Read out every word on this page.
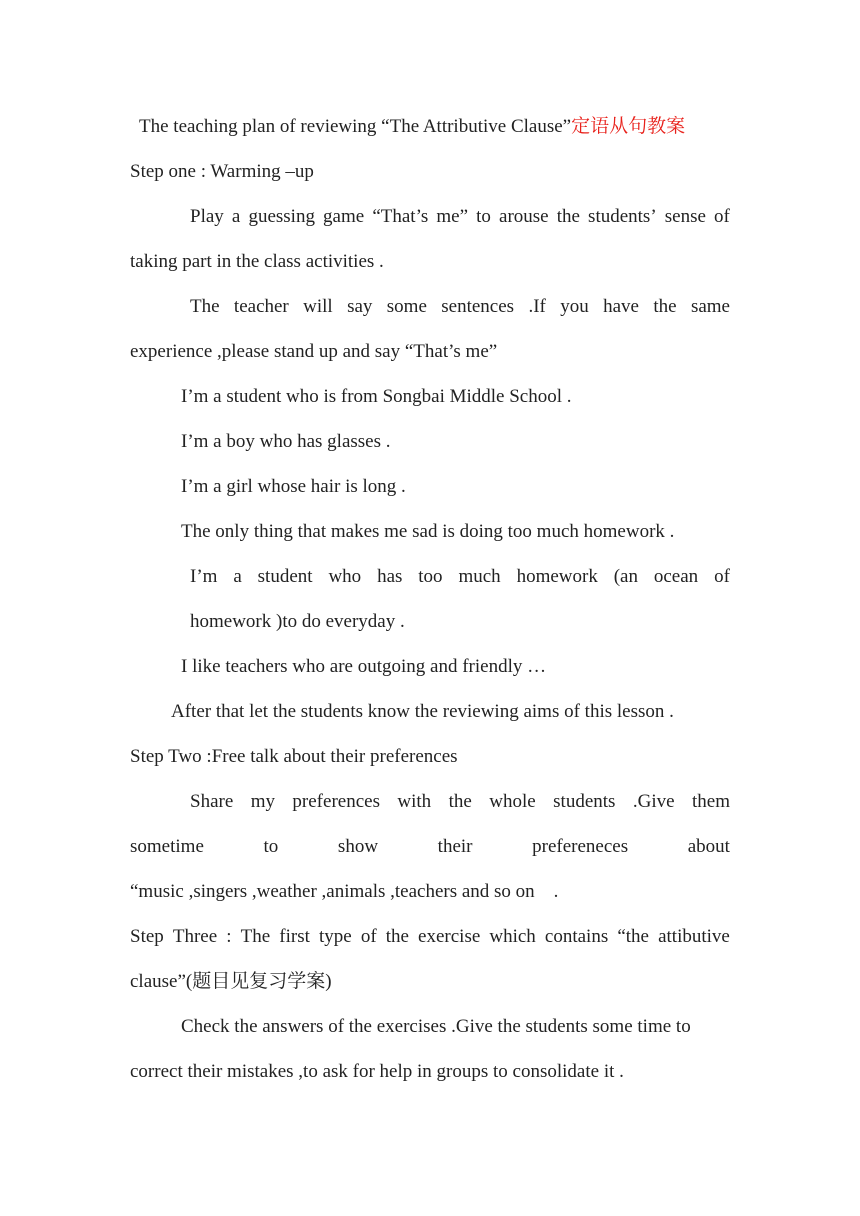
The teaching plan of reviewing “The Attributive Clause”定语从句教案
Step one : Warming –up
Play a guessing game “That’s me” to arouse the students’ sense of
taking part in the class activities .
The teacher will say some sentences .If you have the same
experience ,please stand up and say “That’s me”
I’m a student who is from Songbai Middle School .
I’m a boy who has glasses .
I’m a girl whose hair is long .
The only thing that makes me sad is doing too much homework .
I’m a student who has too much homework (an ocean of
homework )to do everyday .
I like teachers who are outgoing and friendly …
After that let the students know the reviewing aims of this lesson .
Step Two :Free talk about their preferences
Share my preferences with the whole students .Give them
sometime	to	show	their	prefereneces	about
“music ,singers ,weather ,animals ,teachers and so on    .
Step Three : The first type of the exercise which contains “the attibutive
clause”(题目见复习学案)
Check the answers of the exercises .Give the students some time to
correct their mistakes ,to ask for help in groups to consolidate it .
